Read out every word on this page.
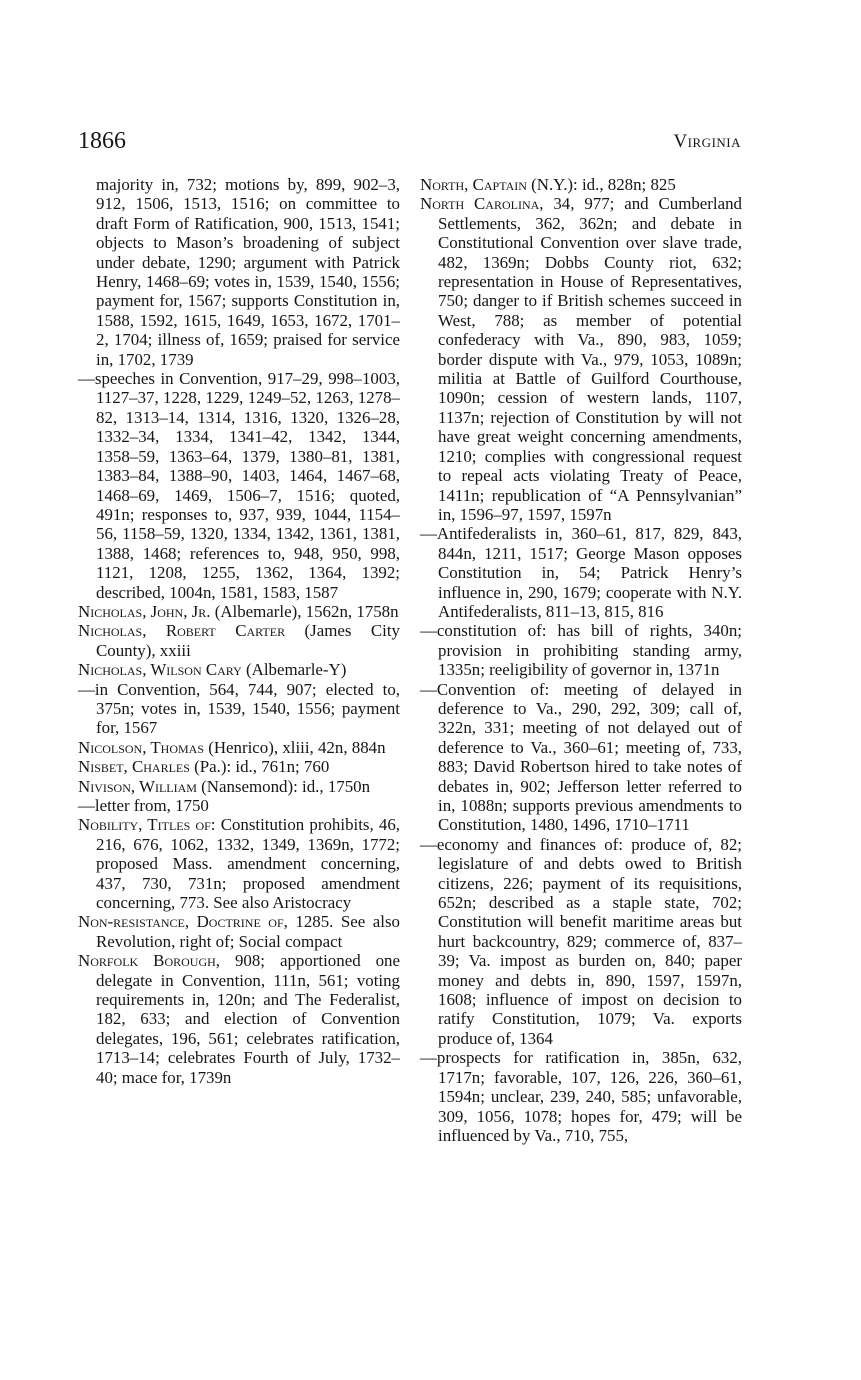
1866	Virginia
majority in, 732; motions by, 899, 902–3, 912, 1506, 1513, 1516; on committee to draft Form of Ratification, 900, 1513, 1541; objects to Mason’s broadening of subject under debate, 1290; argument with Patrick Henry, 1468–69; votes in, 1539, 1540, 1556; payment for, 1567; supports Constitution in, 1588, 1592, 1615, 1649, 1653, 1672, 1701–2, 1704; illness of, 1659; praised for service in, 1702, 1739
—speeches in Convention, 917–29, 998–1003, 1127–37, 1228, 1229, 1249–52, 1263, 1278–82, 1313–14, 1314, 1316, 1320, 1326–28, 1332–34, 1334, 1341–42, 1342, 1344, 1358–59, 1363–64, 1379, 1380–81, 1381, 1383–84, 1388–90, 1403, 1464, 1467–68, 1468–69, 1469, 1506–7, 1516; quoted, 491n; responses to, 937, 939, 1044, 1154–56, 1158–59, 1320, 1334, 1342, 1361, 1381, 1388, 1468; references to, 948, 950, 998, 1121, 1208, 1255, 1362, 1364, 1392; described, 1004n, 1581, 1583, 1587
Nicholas, John, Jr. (Albemarle), 1562n, 1758n
Nicholas, Robert Carter (James City County), xxiii
Nicholas, Wilson Cary (Albemarle-Y)
—in Convention, 564, 744, 907; elected to, 375n; votes in, 1539, 1540, 1556; payment for, 1567
Nicolson, Thomas (Henrico), xliii, 42n, 884n
Nisbet, Charles (Pa.): id., 761n; 760
Nivison, William (Nansemond): id., 1750n
—letter from, 1750
Nobility, Titles of: Constitution prohibits, 46, 216, 676, 1062, 1332, 1349, 1369n, 1772; proposed Mass. amendment concerning, 437, 730, 731n; proposed amendment concerning, 773. See also Aristocracy
Non-resistance, Doctrine of, 1285. See also Revolution, right of; Social compact
Norfolk Borough, 908; apportioned one delegate in Convention, 111n, 561; voting requirements in, 120n; and The Federalist, 182, 633; and election of Convention delegates, 196, 561; celebrates ratification, 1713–14; celebrates Fourth of July, 1732–40; mace for, 1739n
North, Captain (N.Y.): id., 828n; 825
North Carolina, 34, 977; and Cumberland Settlements, 362, 362n; and debate in Constitutional Convention over slave trade, 482, 1369n; Dobbs County riot, 632; representation in House of Representatives, 750; danger to if British schemes succeed in West, 788; as member of potential confederacy with Va., 890, 983, 1059; border dispute with Va., 979, 1053, 1089n; militia at Battle of Guilford Courthouse, 1090n; cession of western lands, 1107, 1137n; rejection of Constitution by will not have great weight concerning amendments, 1210; complies with congressional request to repeal acts violating Treaty of Peace, 1411n; republication of “A Pennsylvanian” in, 1596–97, 1597, 1597n
—Antifederalists in, 360–61, 817, 829, 843, 844n, 1211, 1517; George Mason opposes Constitution in, 54; Patrick Henry’s influence in, 290, 1679; cooperate with N.Y. Antifederalists, 811–13, 815, 816
—constitution of: has bill of rights, 340n; provision in prohibiting standing army, 1335n; reeligibility of governor in, 1371n
—Convention of: meeting of delayed in deference to Va., 290, 292, 309; call of, 322n, 331; meeting of not delayed out of deference to Va., 360–61; meeting of, 733, 883; David Robertson hired to take notes of debates in, 902; Jefferson letter referred to in, 1088n; supports previous amendments to Constitution, 1480, 1496, 1710–1711
—economy and finances of: produce of, 82; legislature of and debts owed to British citizens, 226; payment of its requisitions, 652n; described as a staple state, 702; Constitution will benefit maritime areas but hurt backcountry, 829; commerce of, 837–39; Va. impost as burden on, 840; paper money and debts in, 890, 1597, 1597n, 1608; influence of impost on decision to ratify Constitution, 1079; Va. exports produce of, 1364
—prospects for ratification in, 385n, 632, 1717n; favorable, 107, 126, 226, 360–61, 1594n; unclear, 239, 240, 585; unfavorable, 309, 1056, 1078; hopes for, 479; will be influenced by Va., 710, 755,
